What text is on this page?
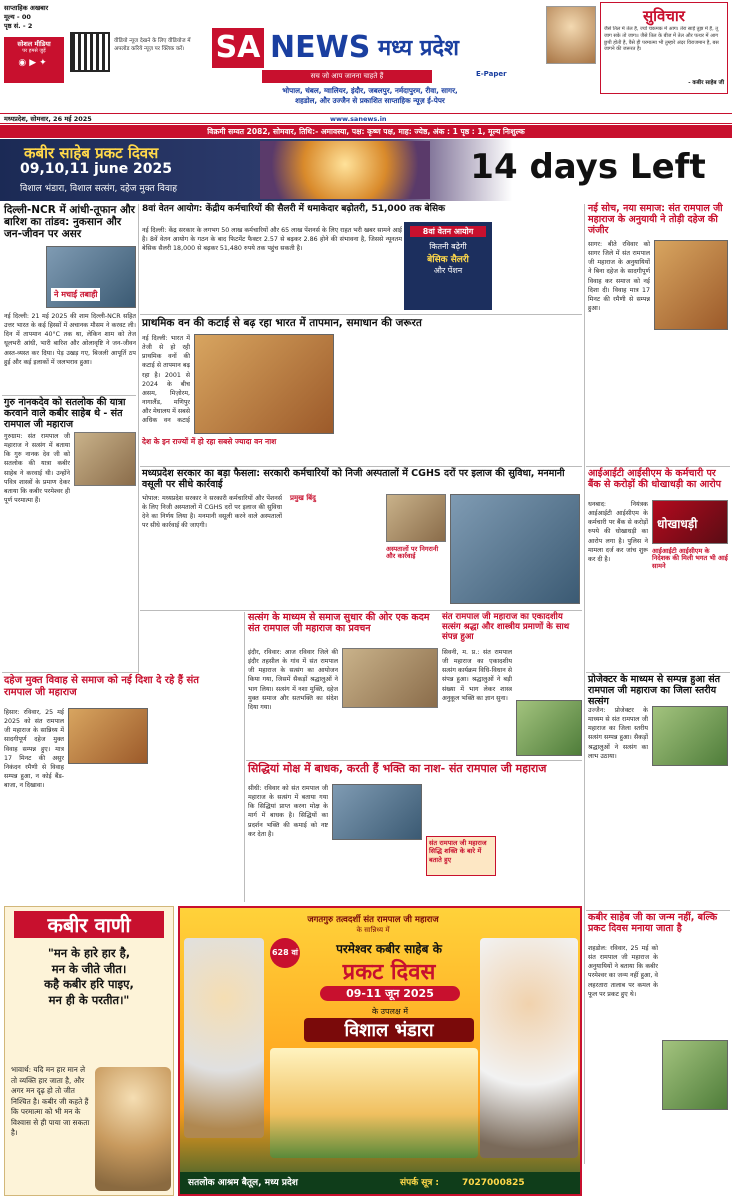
साप्ताहिक अखबार
मूल्य - 00
पृष्ठ सं. - 2
सोशल मीडिया
पर हमसे जुड़ें
◉▶✦
वीडियो न्यूज देखने के लिए वीडियोज में अपलोड करिये न्यूज़ पर क्लिक करें।	SA NEWS मध्य प्रदेश
सच जो आप जानना चाहते हैं	E-Paper
सुविचार
जैसे तिल में तेल है, ज्यों चकमक में आग। तेरा साईं तुझ में है, तू जाग सके तो जाग॥ जैसे तिल के बीज में तेल और पत्थर में आग छुपी होती है, वैसे ही परमात्मा भी तुम्हारे अंदर विराजमान है, बस जागने की जरूरत है।
- कबीर साहेब जी
भोपाल, चंबल, ग्वालियर, इंदौर, जबलपुर, नर्मदापुरम, रीवा, सागर,
शहडोल, और उज्जैन से प्रकाशित साप्ताहिक न्यूज़ ई-पेपर
मध्यप्रदेश, सोमवार, 26 मई 2025	www.sanews.in
विक्रमी सम्वत 2082, सोमवार, तिथि:- अमावस्या, पक्ष: कृष्ण पक्ष, माह: ज्येष्ठ, अंक : 1 पृष्ठ : 1, मूल्य निःशुल्क
कबीर साहेब प्रकट दिवस
09,10,11 june 2025
विशाल भंडारा, विशाल सत्संग, दहेज मुक्त विवाह
14 days Left
दिल्ली-NCR में आंधी-तूफान और बारिश का तांडव: नुकसान और जन-जीवन पर असर
ने मचाई तबाही
नई दिल्ली: 21 मई 2025 की शाम दिल्ली-NCR सहित उत्तर भारत के कई हिस्सों में अचानक मौसम ने करवट ली। दिन में तापमान 40°C तक था, लेकिन शाम को तेज धूलभरी आंधी, भारी बारिश और ओलावृष्टि ने जन-जीवन अस्त-व्यस्त कर दिया। पेड़ उखड़ गए, बिजली आपूर्ति ठप हुई और कई इलाकों में जलभराव हुआ।
गुरु नानकदेव को सतलोक की यात्रा करवाने वाले कबीर साहेब थे - संत रामपाल जी महाराज
गुरुग्राम: संत रामपाल जी महाराज ने सत्संग में बताया कि गुरु नानक देव जी को सतलोक की यात्रा कबीर साहेब ने करवाई थी। उन्होंने पवित्र शास्त्रों के प्रमाण देकर बताया कि कबीर परमेश्वर ही पूर्ण परमात्मा हैं।
8वां वेतन आयोग: केंद्रीय कर्मचारियों की सैलरी में धमाकेदार बढ़ोतरी, 51,000 तक बेसिक
नई दिल्ली: केंद्र सरकार के लगभग 50 लाख कर्मचारियों और 65 लाख पेंशनर्स के लिए राहत भरी खबर सामने आई है। 8वें वेतन आयोग के गठन के बाद फिटमेंट फैक्टर 2.57 से बढ़कर 2.86 होने की संभावना है, जिससे न्यूनतम बेसिक सैलरी 18,000 से बढ़कर 51,480 रुपये तक पहुंच सकती है।
8वां वेतन आयोग
कितनी बढ़ेगी
बेसिक सैलरी
और पेंशन
प्राथमिक वन की कटाई से बढ़ रहा भारत में तापमान, समाधान की जरूरत
नई दिल्ली: भारत में तेजी से हो रही प्राथमिक वनों की कटाई से तापमान बढ़ रहा है। 2001 से 2024 के बीच असम, मिज़ोरम, नागालैंड, मणिपुर और मेघालय में सबसे अधिक वन कटाई
देश के इन राज्यों में हो रहा सबसे ज्यादा वन नाश
मध्यप्रदेश सरकार का बड़ा फैसला: सरकारी कर्मचारियों को निजी अस्पतालों में CGHS दरों पर इलाज की सुविधा, मनमानी वसूली पर सीधे कार्रवाई
भोपाल: मध्यप्रदेश सरकार ने सरकारी कर्मचारियों और पेंशनर्स के लिए निजी अस्पतालों में CGHS दरों पर इलाज की सुविधा देने का निर्णय लिया है। मनमानी वसूली करने वाले अस्पतालों पर सीधे कार्रवाई की जाएगी।
प्रमुख बिंदु
अस्पतालों पर निगरानी और कार्रवाई
नई सोच, नया समाज: संत रामपाल जी महाराज के अनुयायी ने तोड़ी दहेज की जंजीर
सागर: बीते रविवार को सागर जिले में संत रामपाल जी महाराज के अनुयायियों ने बिना दहेज के सादगीपूर्ण विवाह कर समाज को नई दिशा दी। विवाह मात्र 17 मिनट की रमैणी से सम्पन्न हुआ।
आईआईटी आईसीएम के कर्मचारी पर बैंक से करोड़ों की धोखाधड़ी का आरोप
धनबाद: नियंत्रक आईआईटी आईसीएम के कर्मचारी पर बैंक से करोड़ों रुपये की धोखाधड़ी का आरोप लगा है। पुलिस ने मामला दर्ज कर जांच शुरू कर दी है।
धोखाधड़ी
आईआईटी आईसीएम के निदेशक की मिली भगत भी आई सामने
प्रोजेक्टर के माध्यम से सम्पन्न हुआ संत रामपाल जी महाराज का जिला स्तरीय सत्संग
उज्जैन: प्रोजेक्टर के माध्यम से संत रामपाल जी महाराज का जिला स्तरीय सत्संग सम्पन्न हुआ। सैकड़ों श्रद्धालुओं ने सत्संग का लाभ उठाया।
कबीर साहेब जी का जन्म नहीं, बल्कि प्रकट दिवस मनाया जाता है
शहडोल: रविवार, 25 मई को संत रामपाल जी महाराज के अनुयायियों ने बताया कि कबीर परमेश्वर का जन्म नहीं हुआ, वे लहरतारा तालाब पर कमल के फूल पर प्रकट हुए थे।
दहेज मुक्त विवाह से समाज को नई दिशा दे रहे हैं संत रामपाल जी महाराज
हिसार: रविवार, 25 मई 2025 को संत रामपाल जी महाराज के सान्निध्य में सादगीपूर्ण दहेज मुक्त विवाह सम्पन्न हुए। मात्र 17 मिनट की असुर निकंदन रमैणी से विवाह सम्पन्न हुआ, न कोई बैंड-बाजा, न दिखावा।
सत्संग के माध्यम से समाज सुधार की ओर एक कदम संत रामपाल जी महाराज का प्रवचन
इंदौर, रविवार: आज रविवार जिले की इंदौर तहसील के गांव में संत रामपाल जी महाराज के सत्संग का आयोजन किया गया, जिसमें सैकड़ों श्रद्धालुओं ने भाग लिया। सत्संग में नशा मुक्ति, दहेज मुक्त समाज और सतभक्ति का संदेश दिया गया।
संत रामपाल जी महाराज का एकादशीय सत्संग श्रद्धा और शास्त्रीय प्रमाणों के साथ संपन्न हुआ
सिवनी, म. प्र.: संत रामपाल जी महाराज का एकादशीय सत्संग कार्यक्रम विधि-विधान से संपन्न हुआ। श्रद्धालुओं ने बड़ी संख्या में भाग लेकर शास्त्र अनुकूल भक्ति का ज्ञान सुना।
सिद्धियां मोक्ष में बाधक, करती हैं भक्ति का नाश- संत रामपाल जी महाराज
सीधी: रविवार को संत रामपाल जी महाराज के सत्संग में बताया गया कि सिद्धियां प्राप्त करना मोक्ष के मार्ग में बाधक है। सिद्धियों का प्रदर्शन भक्ति की कमाई को नष्ट कर देता है।
संत रामपाल जी महाराज सिद्धि शक्ति के बारे में बताते हुए
कबीर वाणी
"मन के हारे हार है,
मन के जीते जीत।
कहै कबीर हरि पाइए,
मन ही के परतीत।"
भावार्थ: यदि मन हार मान ले तो व्यक्ति हार जाता है, और अगर मन दृढ़ हो तो जीत निश्चित है। कबीर जी कहते हैं कि परमात्मा को भी मन के विश्वास से ही पाया जा सकता है।
628 वां
जगतगुरु तत्वदर्शी संत रामपाल जी महाराज
के सान्निध्य में
परमेश्वर कबीर साहेब के
प्रकट दिवस
09-11 जून 2025
के उपलक्ष में
विशाल भंडारा
सतलोक आश्रम बैतूल, मध्य प्रदेश	संपर्क सूत्र :	7027000825
